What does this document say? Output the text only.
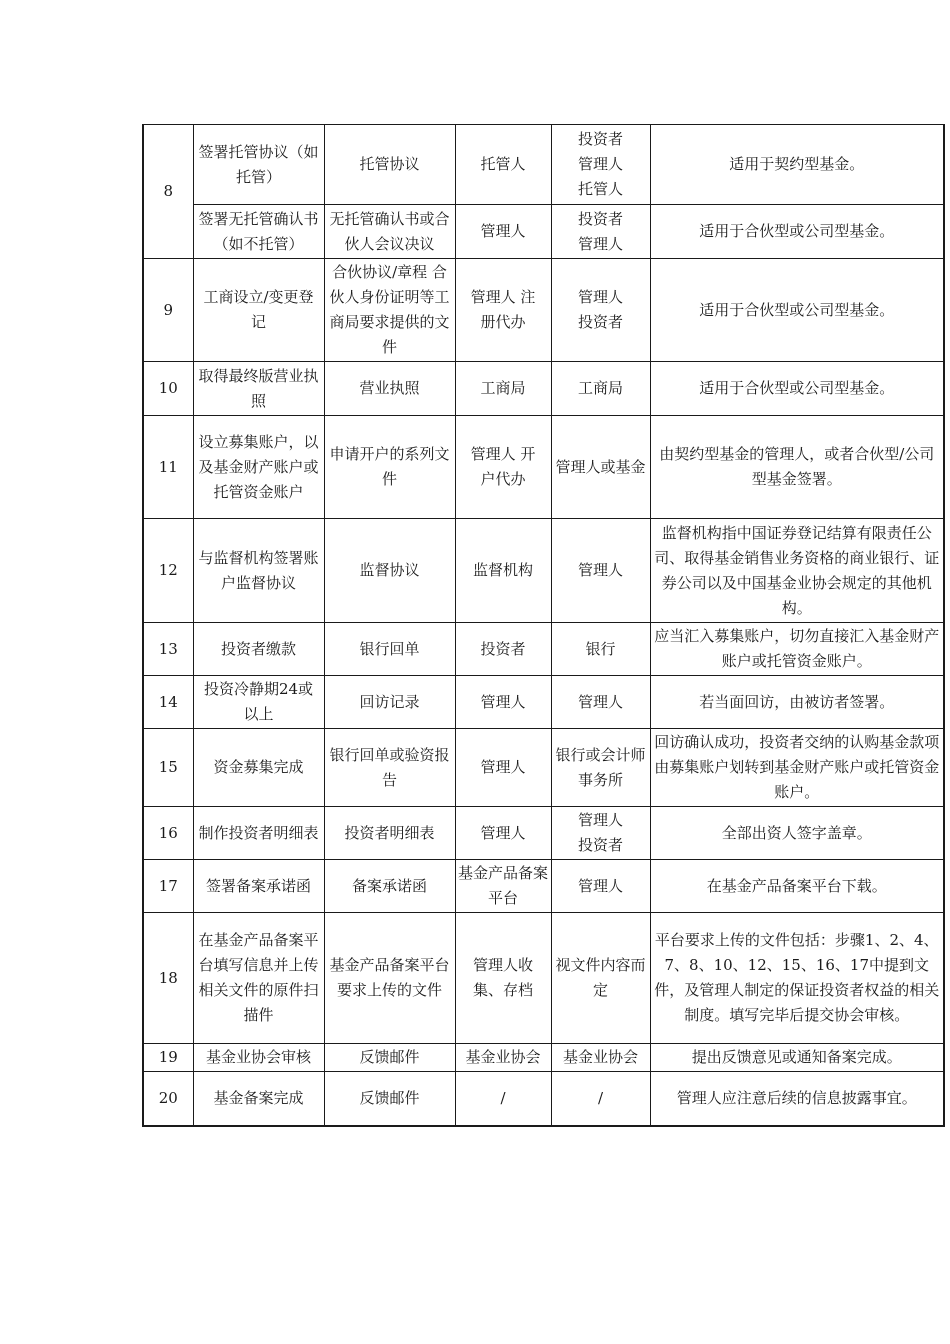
8	签署托管协议（如托管）	托管协议	托管人	投资者 管理人 托管人	适用于契约型基金。
	签署无托管确认书（如不托管）	无托管确认书或合伙人会议决议	管理人	投资者 管理人	适用于合伙型或公司型基金。
9	工商设立/变更登记	合伙协议/章程 合伙人身份证明等工商局要求提供的文件	管理人 注册代办	管理人 投资者	适用于合伙型或公司型基金。
10	取得最终版营业执照	营业执照	工商局	工商局	适用于合伙型或公司型基金。
11	设立募集账户，以及基金财产账户或托管资金账户	申请开户的系列文件	管理人 开户代办	管理人或基金	由契约型基金的管理人，或者合伙型/公司型基金签署。
12	与监督机构签署账户监督协议	监督协议	监督机构	管理人	监督机构指中国证券登记结算有限责任公司、取得基金销售业务资格的商业银行、证券公司以及中国基金业协会规定的其他机构。
13	投资者缴款	银行回单	投资者	银行	应当汇入募集账户，切勿直接汇入基金财产账户或托管资金账户。
14	投资冷静期24或以上	回访记录	管理人	管理人	若当面回访，由被访者签署。
15	资金募集完成	银行回单或验资报告	管理人	银行或会计师事务所	回访确认成功，投资者交纳的认购基金款项由募集账户划转到基金财产账户或托管资金账户。
16	制作投资者明细表	投资者明细表	管理人	管理人 投资者	全部出资人签字盖章。
17	签署备案承诺函	备案承诺函	基金产品备案平台	管理人	在基金产品备案平台下载。
18	在基金产品备案平台填写信息并上传相关文件的原件扫描件	基金产品备案平台要求上传的文件	管理人收集、存档	视文件内容而定	平台要求上传的文件包括：步骤1、2、4、7、8、10、12、15、16、17中提到文件，及管理人制定的保证投资者权益的相关制度。填写完毕后提交协会审核。
19	基金业协会审核	反馈邮件	基金业协会	基金业协会	提出反馈意见或通知备案完成。
20	基金备案完成	反馈邮件	/	/	管理人应注意后续的信息披露事宜。
